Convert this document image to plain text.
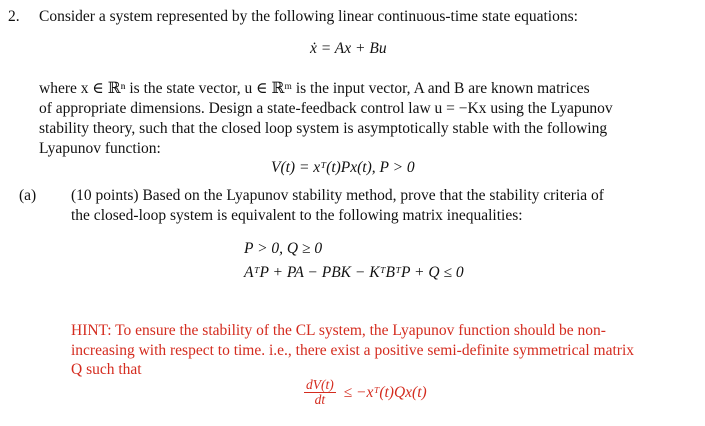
2. Consider a system represented by the following linear continuous-time state equations:
ẋ = Ax + Bu
where x ∈ ℝⁿ is the state vector, u ∈ ℝᵐ is the input vector, A and B are known matrices
of appropriate dimensions. Design a state-feedback control law u = −Kx using the Lyapunov
stability theory, such that the closed loop system is asymptotically stable with the following
Lyapunov function:
V(t) = xᵀ(t)Px(t), P > 0
(a) (10 points) Based on the Lyapunov stability method, prove that the stability criteria of
the closed-loop system is equivalent to the following matrix inequalities:
P > 0, Q ≥ 0
AᵀP + PA − PBK − KᵀBᵀP + Q ≤ 0
HINT: To ensure the stability of the CL system, the Lyapunov function should be non-
increasing with respect to time. i.e., there exist a positive semi-definite symmetrical matrix
Q such that
$\frac{dV(t)}{dt}$ ≤ −xᵀ(t)Qx(t)
